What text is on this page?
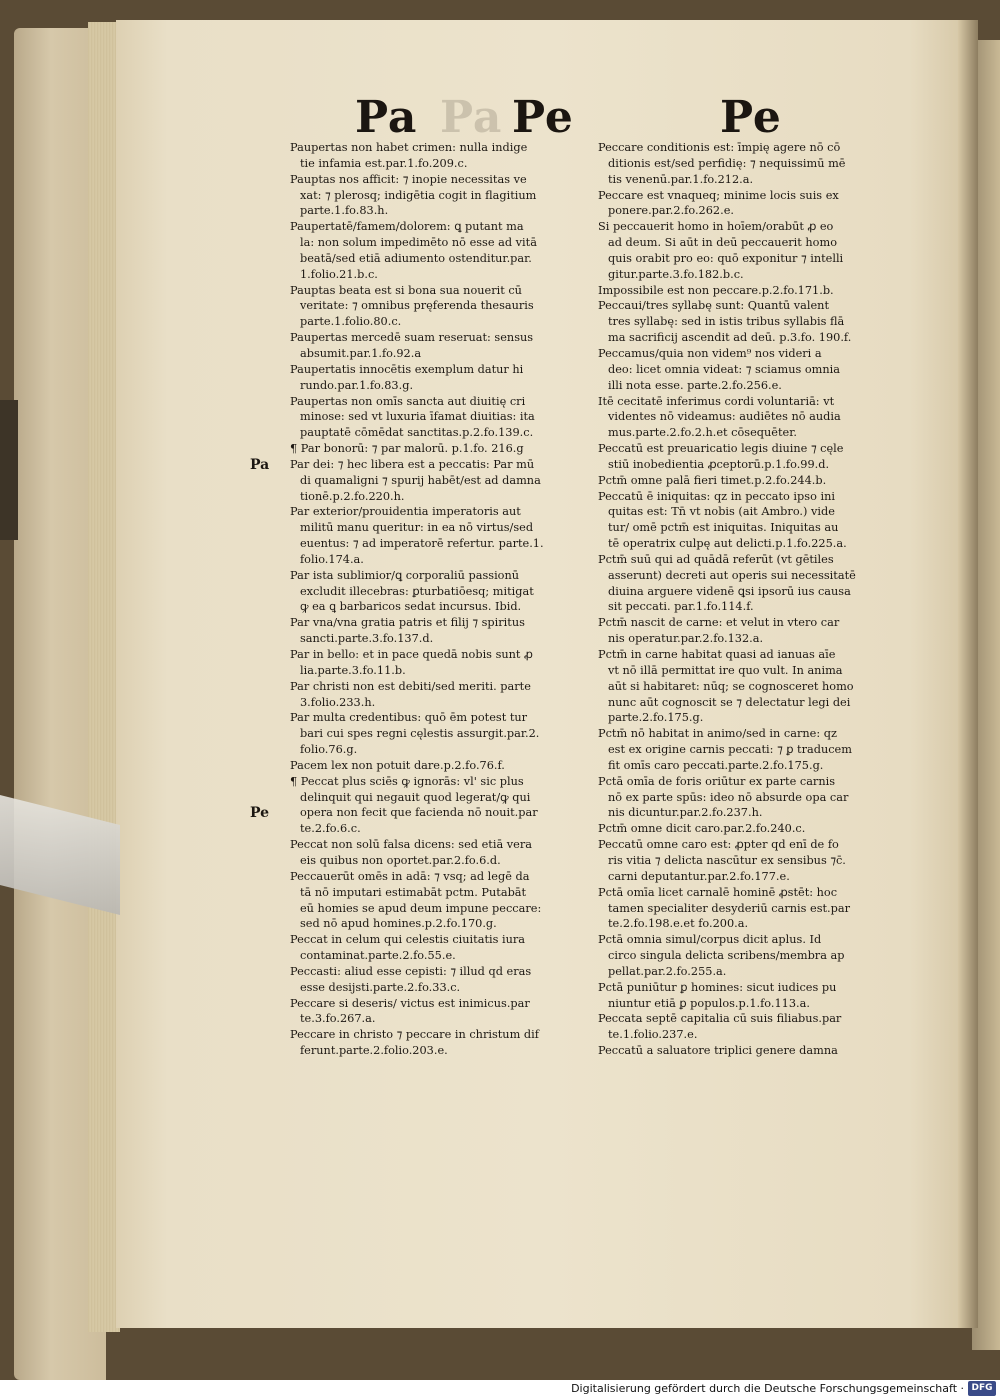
Pa Pa Pe	Pe
Pa
Pe
Paupertas non habet crimen: nulla indige
tie infamia est.par.1.fo.209.c.
Pauptas nos afficit: ⁊ inopie necessitas ve
xat: ⁊ plerosq; indigētia cogit in flagitium
parte.1.fo.83.h.
Paupertatē/famem/dolorem: ꝗ putant ma
la: non solum impedimēto nō esse ad vitā
beatā/sed etiā adiumento ostenditur.par.
1.folio.21.b.c.
Pauptas beata est si bona sua nouerit cū
veritate: ⁊ omnibus pręferenda thesauris
parte.1.folio.80.c.
Paupertas mercedē suam reseruat: sensus
absumit.par.1.fo.92.a
Paupertatis innocētis exemplum datur hi
rundo.par.1.fo.83.g.
Paupertas non omīs sancta aut diuitię cri
minose: sed vt luxuria īfamat diuitias: ita
pauptatē cōmēdat sanctitas.p.2.fo.139.c.
¶ Par bonorū: ⁊ par malorū. p.1.fo. 216.g
Par dei: ⁊ hec libera est a peccatis: Par mū
di quamaligni ⁊ spurij habēt/est ad damna
tionē.p.2.fo.220.h.
Par exterior/prouidentia imperatoris aut
militū manu queritur: in ea nō virtus/sed
euentus: ⁊ ad imperatorē refertur. parte.1.
folio.174.a.
Par ista sublimior/ꝗ corporaliū passionū
excludit illecebras: ꝑturbatiōesq; mitigat
ꝙ ea ꝗ barbaricos sedat incursus. Ibid.
Par vna/vna gratia patris et filij ⁊ spiritus
sancti.parte.3.fo.137.d.
Par in bello: et in pace quedā nobis sunt ꝓ
lia.parte.3.fo.11.b.
Par christi non est debiti/sed meriti. parte
3.folio.233.h.
Par multa credentibus: quō ēm potest tur
bari cui spes regni cęlestis assurgit.par.2.
folio.76.g.
Pacem lex non potuit dare.p.2.fo.76.f.
¶ Peccat plus sciēs ꝙ ignorās: vl' sic plus
delinquit qui negauit quod legerat/ꝙ qui
opera non fecit que facienda nō nouit.par
te.2.fo.6.c.
Peccat non solū falsa dicens: sed etiā vera
eis quibus non oportet.par.2.fo.6.d.
Peccauerūt omēs in adā: ⁊ vsq; ad legē da
tā nō imputari estimabāt pctm. Putabāt
eū homies se apud deum impune peccare:
sed nō apud homines.p.2.fo.170.g.
Peccat in celum qui celestis ciuitatis iura
contaminat.parte.2.fo.55.e.
Peccasti: aliud esse cepisti: ⁊ illud qd eras
esse desijsti.parte.2.fo.33.c.
Peccare si deseris/ victus est inimicus.par
te.3.fo.267.a.
Peccare in christo ⁊ peccare in christum dif
ferunt.parte.2.folio.203.e.
Peccare conditionis est: īmpię agere nō cō
ditionis est/sed perfidię: ⁊ nequissimū mē
tis venenū.par.1.fo.212.a.
Peccare est vnaqueq; minime locis suis ex
ponere.par.2.fo.262.e.
Si peccauerit homo in hoīem/orabūt ꝓ eo
ad deum. Si aūt in deū peccauerit homo
quis orabit pro eo: quō exponitur ⁊ intelli
gitur.parte.3.fo.182.b.c.
Impossibile est non peccare.p.2.fo.171.b.
Peccaui/tres syllabę sunt: Quantū valent
tres syllabę: sed in istis tribus syllabis flā
ma sacrificij ascendit ad deū. p.3.fo. 190.f.
Peccamus/quia non videm⁹ nos videri a
deo: licet omnia videat: ⁊ sciamus omnia
illi nota esse. parte.2.fo.256.e.
Itē cecitatē inferimus cordi voluntariā: vt
videntes nō videamus: audiētes nō audia
mus.parte.2.fo.2.h.et cōsequēter.
Peccatū est preuaricatio legis diuine ⁊ cęle
stiū inobedientia ꝓceptorū.p.1.fo.99.d.
Pctm̄ omne palā fieri timet.p.2.fo.244.b.
Peccatū ē iniquitas: qz in peccato ipso ini
quitas est: Tn̄ vt nobis (ait Ambro.) vide
tur/ omē pctm̄ est iniquitas. Iniquitas au
tē operatrix culpę aut delicti.p.1.fo.225.a.
Pctm̄ suū qui ad quādā referūt (vt gētiles
asserunt) decreti aut operis sui necessitatē
diuina arguere videnē ꝗsi ipsorū ius causa
sit peccati. par.1.fo.114.f.
Pctm̄ nascit de carne: et velut in vtero car
nis operatur.par.2.fo.132.a.
Pctm̄ in carne habitat quasi ad ianuas aīe
vt nō illā permittat ire quo vult. In anima
aūt si habitaret: nūq; se cognosceret homo
nunc aūt cognoscit se ⁊ delectatur legi dei
parte.2.fo.175.g.
Pctm̄ nō habitat in animo/sed in carne: qz
est ex origine carnis peccati: ⁊ ꝑ traducem
fit omīs caro peccati.parte.2.fo.175.g.
Pctā omīa de foris oriūtur ex parte carnis
nō ex parte spūs: ideo nō absurde opa car
nis dicuntur.par.2.fo.237.h.
Pctm̄ omne dicit caro.par.2.fo.240.c.
Peccatū omne caro est: ꝓpter qd enī de fo
ris vitia ⁊ delicta nascūtur ex sensibus ⁊c̄.
carni deputantur.par.2.fo.177.e.
Pctā omīa licet carnalē hominē ꝓstēt: hoc
tamen specialiter desyderiū carnis est.par
te.2.fo.198.e.et fo.200.a.
Pctā omnia simul/corpus dicit aplus. Id
circo singula delicta scribens/membra ap
pellat.par.2.fo.255.a.
Pctā puniūtur ꝑ homines: sicut iudices pu
niuntur etiā ꝑ populos.p.1.fo.113.a.
Peccata septē capitalia cū suis filiabus.par
te.1.folio.237.e.
Peccatū a saluatore triplici genere damna
Digitalisierung gefördert durch die Deutsche Forschungsgemeinschaft · DFG
